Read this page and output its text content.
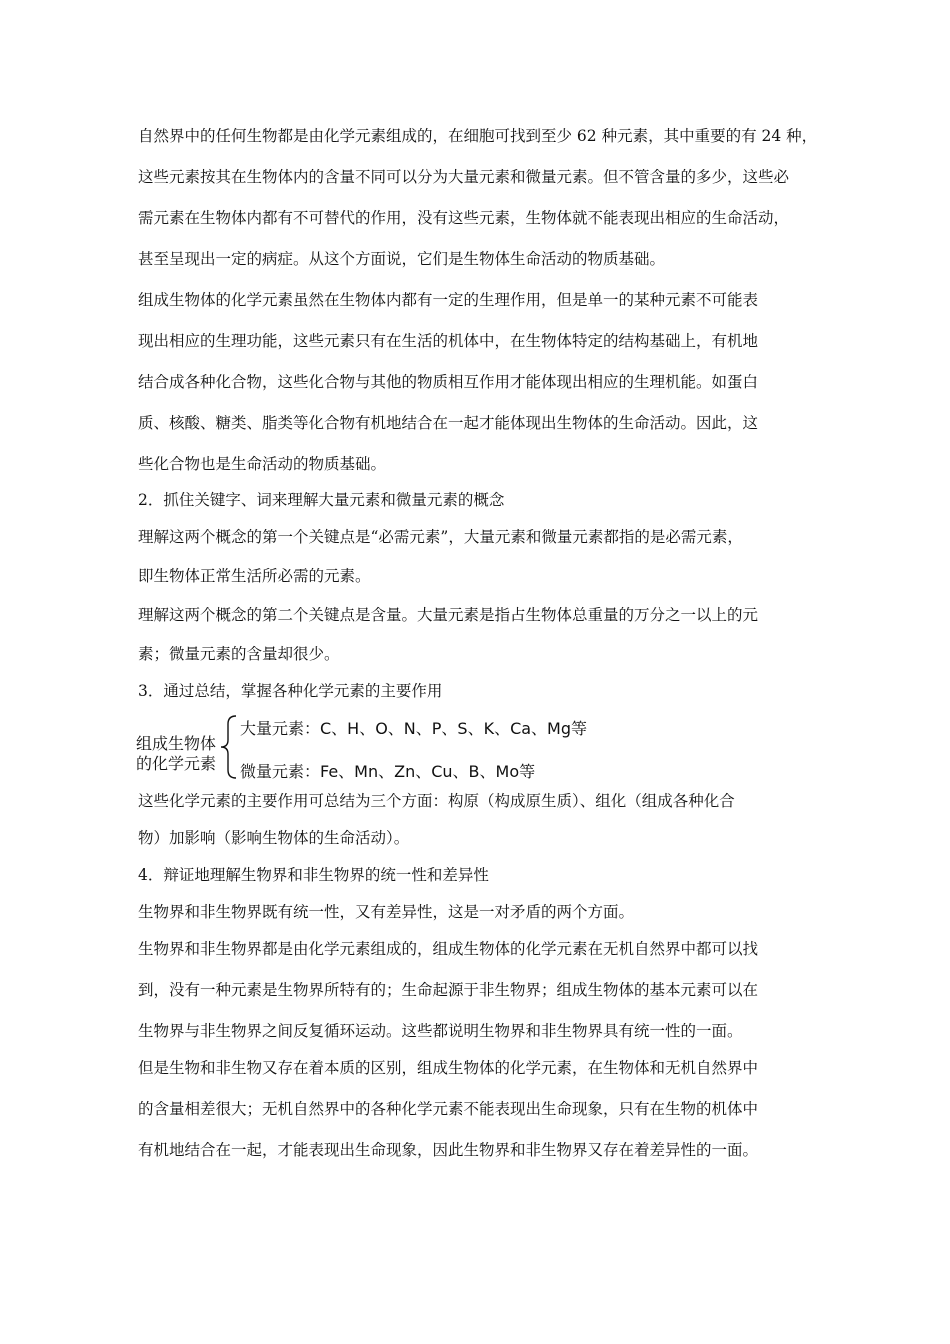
自然界中的任何生物都是由化学元素组成的，在细胞可找到至少 62 种元素，其中重要的有 24 种，
这些元素按其在生物体内的含量不同可以分为大量元素和微量元素。但不管含量的多少，这些必
需元素在生物体内都有不可替代的作用，没有这些元素，生物体就不能表现出相应的生命活动，
甚至呈现出一定的病症。从这个方面说，它们是生物体生命活动的物质基础。
组成生物体的化学元素虽然在生物体内都有一定的生理作用，但是单一的某种元素不可能表
现出相应的生理功能，这些元素只有在生活的机体中，在生物体特定的结构基础上，有机地
结合成各种化合物，这些化合物与其他的物质相互作用才能体现出相应的生理机能。如蛋白
质、核酸、糖类、脂类等化合物有机地结合在一起才能体现出生物体的生命活动。因此，这
些化合物也是生命活动的物质基础。
2．抓住关键字、词来理解大量元素和微量元素的概念
理解这两个概念的第一个关键点是“必需元素”，大量元素和微量元素都指的是必需元素，
即生物体正常生活所必需的元素。
理解这两个概念的第二个关键点是含量。大量元素是指占生物体总重量的万分之一以上的元
素；微量元素的含量却很少。
3．通过总结，掌握各种化学元素的主要作用
组成生物体
的化学元素
大量元素：C、H、O、N、P、S、K、Ca、Mg等
微量元素：Fe、Mn、Zn、Cu、B、Mo等
这些化学元素的主要作用可总结为三个方面：构原（构成原生质）、组化（组成各种化合
物）加影响（影响生物体的生命活动）。
4．辩证地理解生物界和非生物界的统一性和差异性
生物界和非生物界既有统一性，又有差异性，这是一对矛盾的两个方面。
生物界和非生物界都是由化学元素组成的，组成生物体的化学元素在无机自然界中都可以找
到，没有一种元素是生物界所特有的；生命起源于非生物界；组成生物体的基本元素可以在
生物界与非生物界之间反复循环运动。这些都说明生物界和非生物界具有统一性的一面。
但是生物和非生物又存在着本质的区别，组成生物体的化学元素，在生物体和无机自然界中
的含量相差很大；无机自然界中的各种化学元素不能表现出生命现象，只有在生物的机体中
有机地结合在一起，才能表现出生命现象，因此生物界和非生物界又存在着差异性的一面。
